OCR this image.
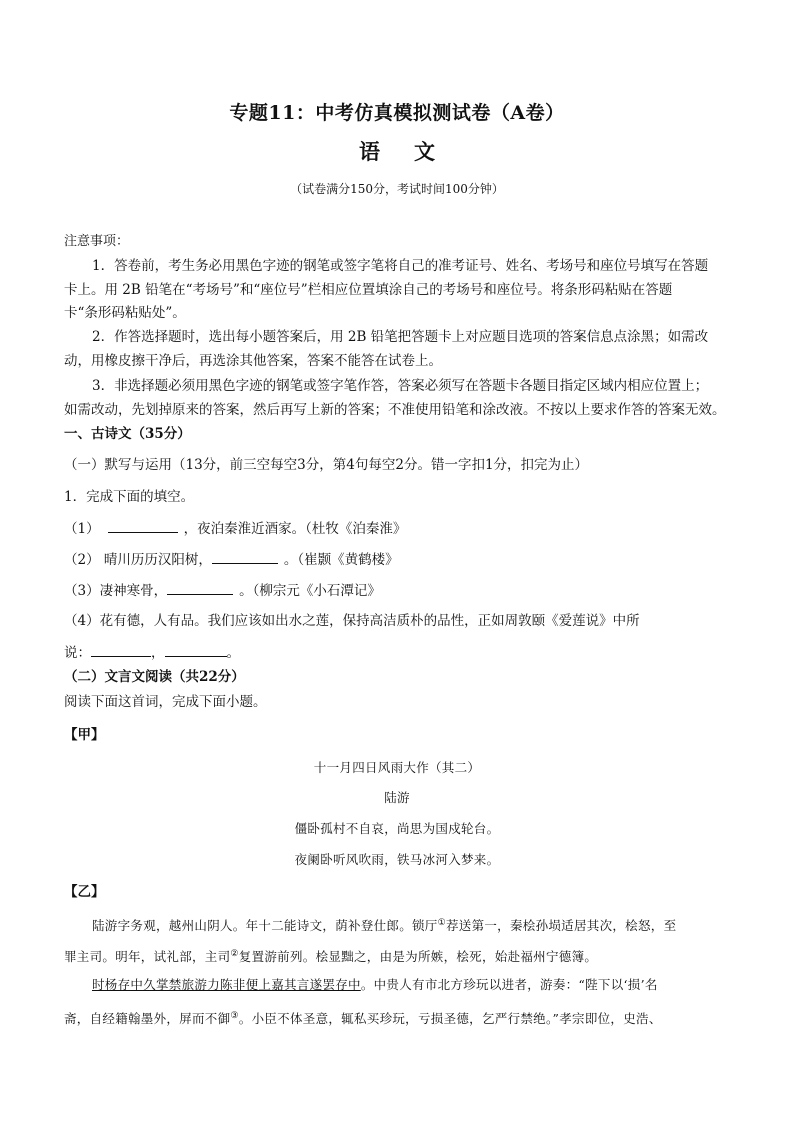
专题11：中考仿真模拟测试卷（A卷）
语文
（试卷满分150分，考试时间100分钟）
注意事项：
1．答卷前，考生务必用黑色字迹的钢笔或签字笔将自己的准考证号、姓名、考场号和座位号填写在答题
卡上。用 2B 铅笔在“考场号”和“座位号”栏相应位置填涂自己的考场号和座位号。将条形码粘贴在答题
卡“条形码粘贴处”。
2．作答选择题时，选出每小题答案后，用 2B 铅笔把答题卡上对应题目选项的答案信息点涂黑；如需改
动，用橡皮擦干净后，再选涂其他答案，答案不能答在试卷上。
3．非选择题必须用黑色字迹的钢笔或签字笔作答，答案必须写在答题卡各题目指定区域内相应位置上；
如需改动，先划掉原来的答案，然后再写上新的答案；不准使用铅笔和涂改液。不按以上要求作答的答案无效。
一、古诗文（35分）
（一）默写与运用（13分，前三空每空3分，第4句每空2分。错一字扣1分，扣完为止）
1．完成下面的填空。
（1）	，夜泊秦淮近酒家。（杜牧《泊秦淮》
（2） 晴川历历汉阳树，	。（崔颢《黄鹤楼》
（3）凄神寒骨，	。（柳宗元《小石潭记》
（4）花有德，人有品。我们应该如出水之莲，保持高洁质朴的品性，正如周敦颐《爱莲说》中所
说：	，	。
（二）文言文阅读（共22分）
阅读下面这首词，完成下面小题。
【甲】
十一月四日风雨大作（其二）
陆游
僵卧孤村不自哀，尚思为国戍轮台。
夜阑卧听风吹雨，铁马冰河入梦来。
【乙】
陆游字务观，越州山阴人。年十二能诗文，荫补登仕郎。锁厅①荐送第一，秦桧孙埙适居其次，桧怒，至
罪主司。明年，试礼部，主司②复置游前列。桧显黜之，由是为所嫉，桧死，始赴福州宁德簿。
时杨存中久掌禁旅游力陈非便上嘉其言遂罢存中。中贵人有市北方珍玩以进者，游奏：“陛下以‘损’名
斋，自经籍翰墨外，屏而不御③。小臣不体圣意，辄私买珍玩，亏损圣德，乞严行禁绝。”孝宗即位，史浩、
